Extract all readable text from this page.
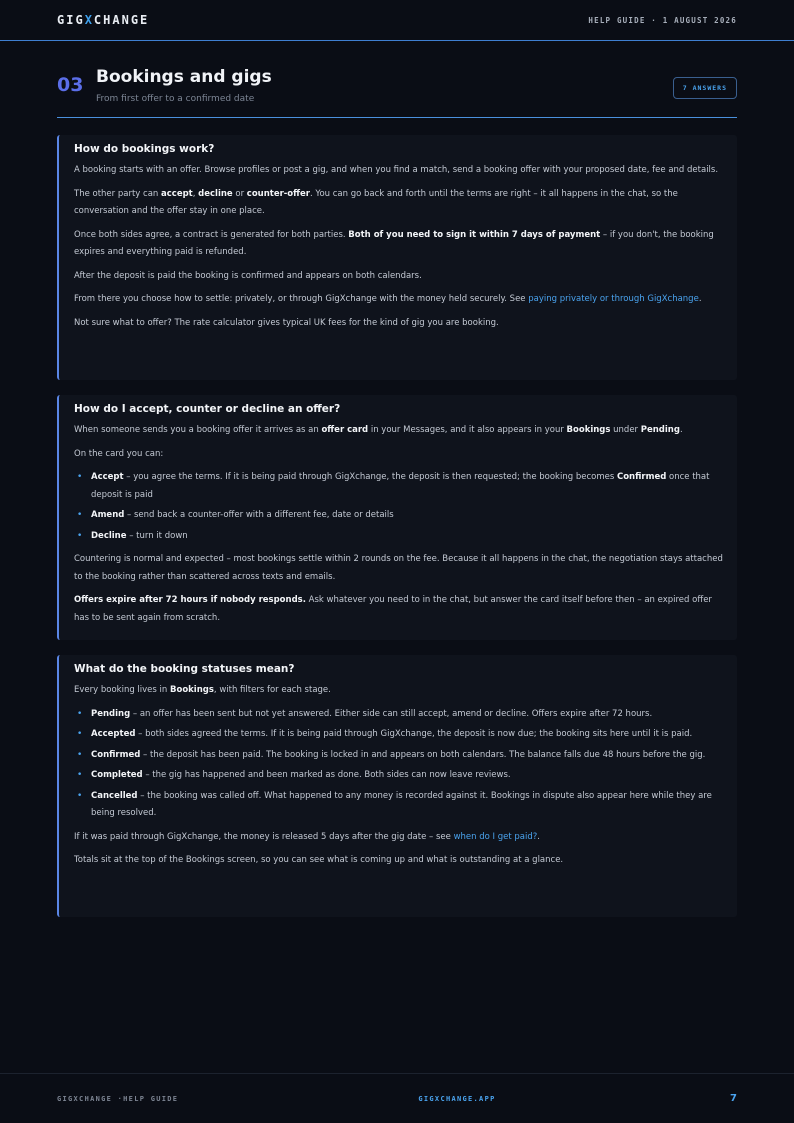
GIGXCHANGE	HELP GUIDE · 1 AUGUST 2026
03 Bookings and gigs
From first offer to a confirmed date
7 ANSWERS
How do bookings work?

A booking starts with an offer. Browse profiles or post a gig, and when you find a match, send a booking offer with your proposed date, fee and details.

The other party can accept, decline or counter-offer. You can go back and forth until the terms are right – it all happens in the chat, so the conversation and the offer stay in one place.

Once both sides agree, a contract is generated for both parties. Both of you need to sign it within 7 days of payment – if you don't, the booking expires and everything paid is refunded.

After the deposit is paid the booking is confirmed and appears on both calendars.

From there you choose how to settle: privately, or through GigXchange with the money held securely. See paying privately or through GigXchange.

Not sure what to offer? The rate calculator gives typical UK fees for the kind of gig you are booking.

How do I accept, counter or decline an offer?

When someone sends you a booking offer it arrives as an offer card in your Messages, and it also appears in your Bookings under Pending.

On the card you can:

• Accept – you agree the terms. If it is being paid through GigXchange, the deposit is then requested; the booking becomes Confirmed once that deposit is paid
• Amend – send back a counter-offer with a different fee, date or details
• Decline – turn it down

Countering is normal and expected – most bookings settle within 2 rounds on the fee. Because it all happens in the chat, the negotiation stays attached to the booking rather than scattered across texts and emails.

Offers expire after 72 hours if nobody responds. Ask whatever you need to in the chat, but answer the card itself before then – an expired offer has to be sent again from scratch.

What do the booking statuses mean?

Every booking lives in Bookings, with filters for each stage.

• Pending – an offer has been sent but not yet answered. Either side can still accept, amend or decline. Offers expire after 72 hours.
• Accepted – both sides agreed the terms. If it is being paid through GigXchange, the deposit is now due; the booking sits here until it is paid.
• Confirmed – the deposit has been paid. The booking is locked in and appears on both calendars. The balance falls due 48 hours before the gig.
• Completed – the gig has happened and been marked as done. Both sides can now leave reviews.
• Cancelled – the booking was called off. What happened to any money is recorded against it. Bookings in dispute also appear here while they are being resolved.

If it was paid through GigXchange, the money is released 5 days after the gig date – see when do I get paid?.

Totals sit at the top of the Bookings screen, so you can see what is coming up and what is outstanding at a glance.

GIGXCHANGE ·HELP GUIDE	GIGXCHANGE.APP	7
